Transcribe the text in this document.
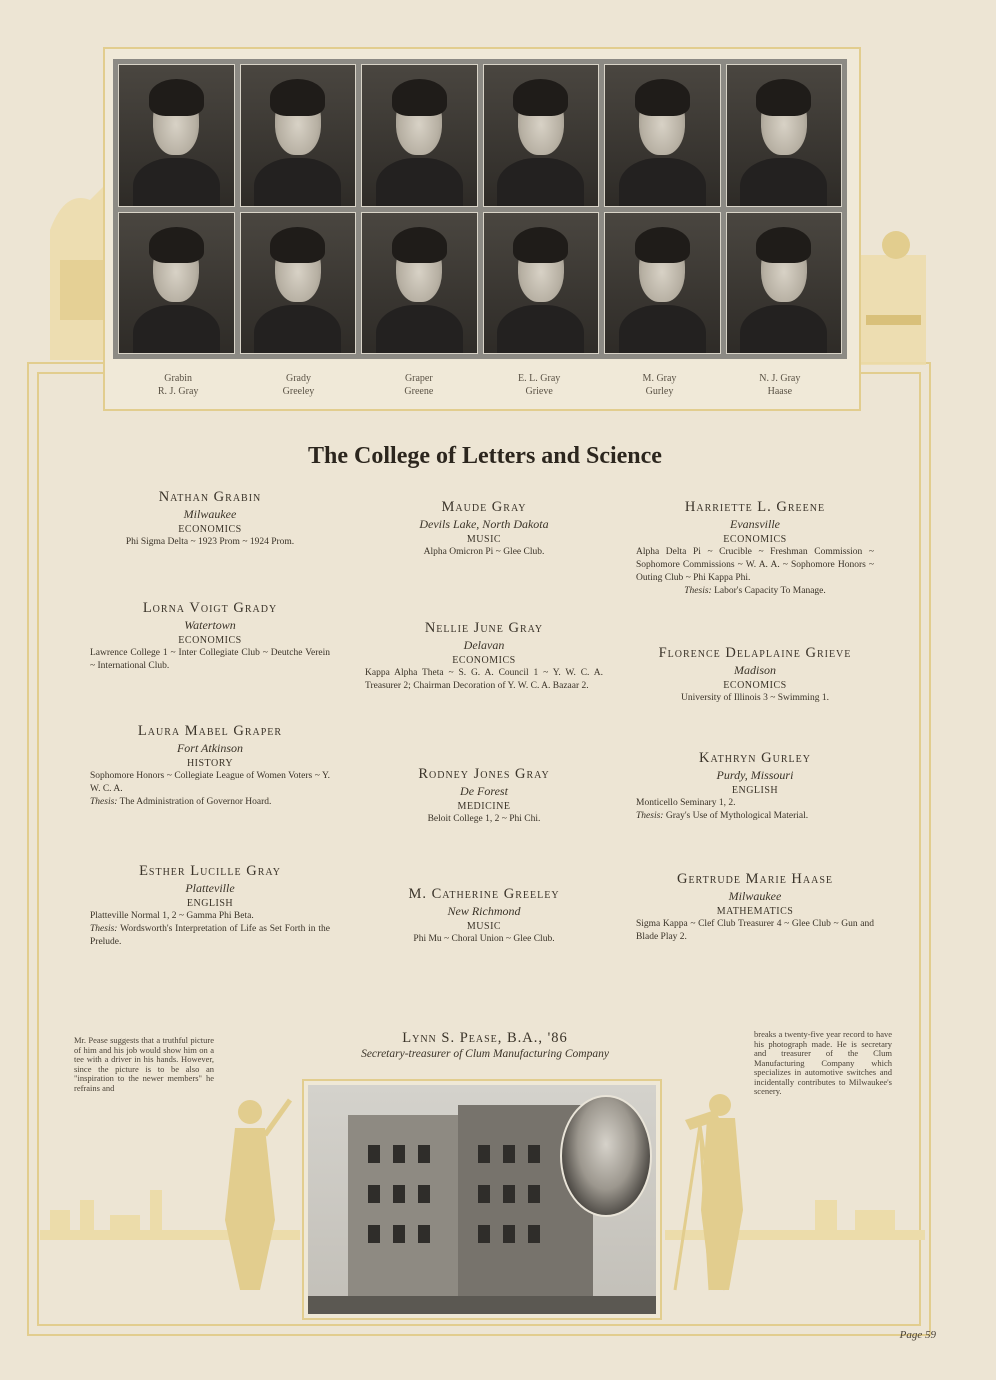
Grabin
R. J. Gray
Grady
Greeley
Graper
Greene
E. L. Gray
Grieve
M. Gray
Gurley
N. J. Gray
Haase
The College of Letters and Science
Nathan Grabin
Milwaukee
ECONOMICS
Phi Sigma Delta ~ 1923 Prom ~ 1924 Prom.
Lorna Voigt Grady
Watertown
ECONOMICS
Lawrence College 1 ~ Inter Collegiate Club ~ Deutche Verein ~ International Club.
Laura Mabel Graper
Fort Atkinson
HISTORY
Sophomore Honors ~ Collegiate League of Women Voters ~ Y. W. C. A.
Thesis: The Administration of Governor Hoard.
Esther Lucille Gray
Platteville
ENGLISH
Platteville Normal 1, 2 ~ Gamma Phi Beta.
Thesis: Wordsworth's Interpretation of Life as Set Forth in the Prelude.
Maude Gray
Devils Lake, North Dakota
MUSIC
Alpha Omicron Pi ~ Glee Club.
Nellie June Gray
Delavan
ECONOMICS
Kappa Alpha Theta ~ S. G. A. Council 1 ~ Y. W. C. A. Treasurer 2; Chairman Decoration of Y. W. C. A. Bazaar 2.
Rodney Jones Gray
De Forest
MEDICINE
Beloit College 1, 2 ~ Phi Chi.
M. Catherine Greeley
New Richmond
MUSIC
Phi Mu ~ Choral Union ~ Glee Club.
Harriette L. Greene
Evansville
ECONOMICS
Alpha Delta Pi ~ Crucible ~ Freshman Commission ~ Sophomore Commissions ~ W. A. A. ~ Sophomore Honors ~ Outing Club ~ Phi Kappa Phi.
Thesis: Labor's Capacity To Manage.
Florence Delaplaine Grieve
Madison
ECONOMICS
University of Illinois 3 ~ Swimming 1.
Kathryn Gurley
Purdy, Missouri
ENGLISH
Monticello Seminary 1, 2.
Thesis: Gray's Use of Mythological Material.
Gertrude Marie Haase
Milwaukee
MATHEMATICS
Sigma Kappa ~ Clef Club Treasurer 4 ~ Glee Club ~ Gun and Blade Play 2.
Mr. Pease suggests that a truthful picture of him and his job would show him on a tee with a driver in his hands. However, since the picture is to be also an "inspiration to the newer members" he refrains and
Lynn S. Pease, B.A., '86
Secretary-treasurer of Clum Manufacturing Company
breaks a twenty-five year record to have his photograph made. He is secretary and treasurer of the Clum Manufacturing Company which specializes in automotive switches and incidentally contributes to Milwaukee's scenery.
Page 59
